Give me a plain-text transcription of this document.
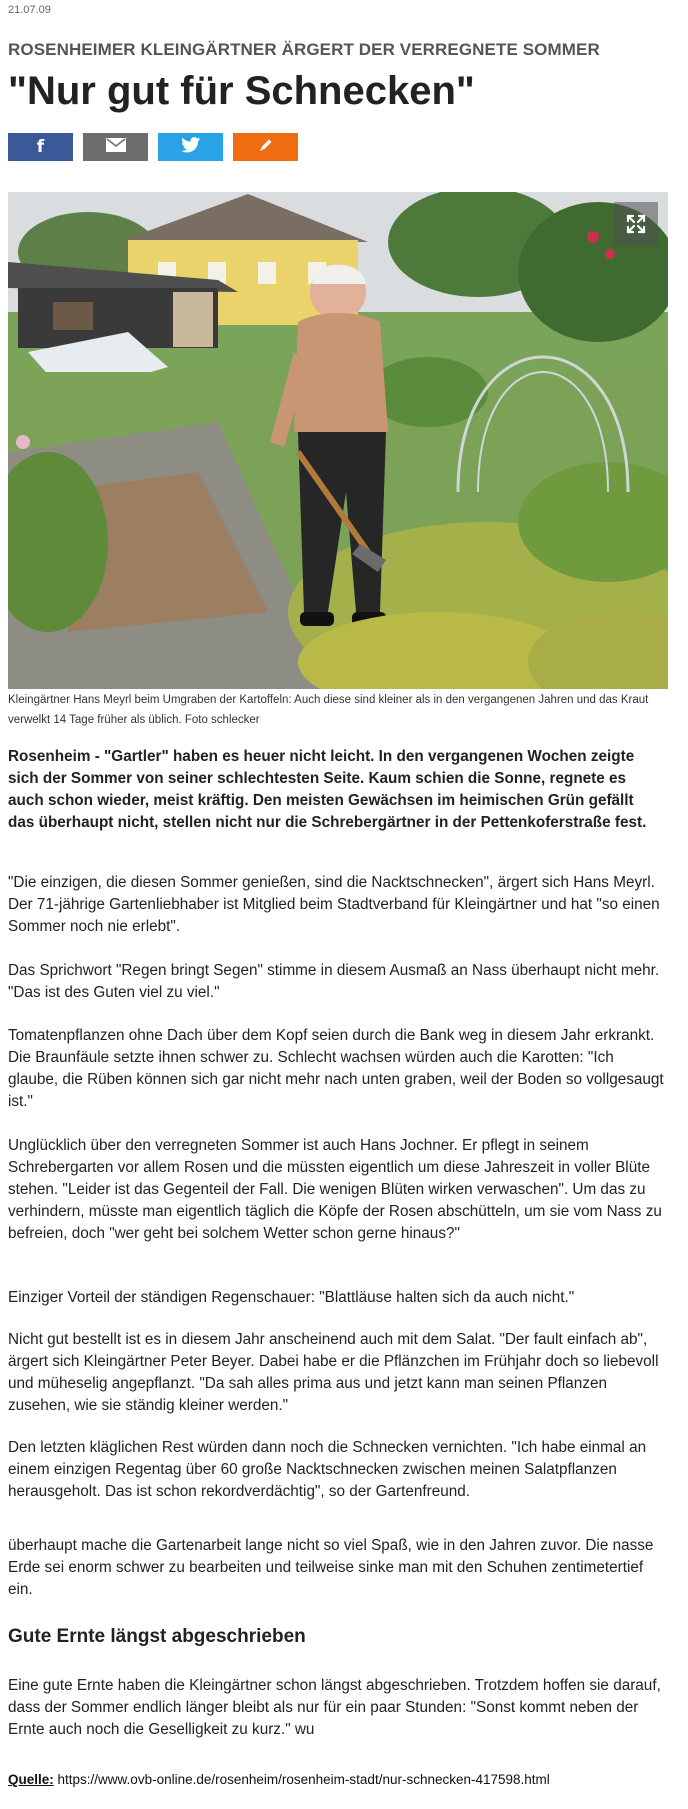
21.07.09
ROSENHEIMER KLEINGÄRTNER ÄRGERT DER VERREGNETE SOMMER
"Nur gut für Schnecken"
f
Kleingärtner Hans Meyrl beim Umgraben der Kartoffeln: Auch diese sind kleiner als in den vergangenen Jahren und das Kraut verwelkt 14 Tage früher als üblich. Foto schlecker

Rosenheim - "Gartler" haben es heuer nicht leicht. In den vergangenen Wochen zeigte sich der Sommer von seiner schlechtesten Seite. Kaum schien die Sonne, regnete es auch schon wieder, meist kräftig. Den meisten Gewächsen im heimischen Grün gefällt das überhaupt nicht, stellen nicht nur die Schrebergärtner in der Pettenkoferstraße fest.

"Die einzigen, die diesen Sommer genießen, sind die Nacktschnecken", ärgert sich Hans Meyrl. Der 71-jährige Gartenliebhaber ist Mitglied beim Stadtverband für Kleingärtner und hat "so einen Sommer noch nie erlebt".

Das Sprichwort "Regen bringt Segen" stimme in diesem Ausmaß an Nass überhaupt nicht mehr. "Das ist des Guten viel zu viel."

Tomatenpflanzen ohne Dach über dem Kopf seien durch die Bank weg in diesem Jahr erkrankt. Die Braunfäule setzte ihnen schwer zu. Schlecht wachsen würden auch die Karotten: "Ich glaube, die Rüben können sich gar nicht mehr nach unten graben, weil der Boden so vollgesaugt ist."

Unglücklich über den verregneten Sommer ist auch Hans Jochner. Er pflegt in seinem Schrebergarten vor allem Rosen und die müssten eigentlich um diese Jahreszeit in voller Blüte stehen. "Leider ist das Gegenteil der Fall. Die wenigen Blüten wirken verwaschen". Um das zu verhindern, müsste man eigentlich täglich die Köpfe der Rosen abschütteln, um sie vom Nass zu befreien, doch "wer geht bei solchem Wetter schon gerne hinaus?"

Einziger Vorteil der ständigen Regenschauer: "Blattläuse halten sich da auch nicht."

Nicht gut bestellt ist es in diesem Jahr anscheinend auch mit dem Salat. "Der fault einfach ab", ärgert sich Kleingärtner Peter Beyer. Dabei habe er die Pflänzchen im Frühjahr doch so liebevoll und müheselig angepflanzt. "Da sah alles prima aus und jetzt kann man seinen Pflanzen zusehen, wie sie ständig kleiner werden."

Den letzten kläglichen Rest würden dann noch die Schnecken vernichten. "Ich habe einmal an einem einzigen Regentag über 60 große Nacktschnecken zwischen meinen Salatpflanzen herausgeholt. Das ist schon rekordverdächtig", so der Gartenfreund.

überhaupt mache die Gartenarbeit lange nicht so viel Spaß, wie in den Jahren zuvor. Die nasse Erde sei enorm schwer zu bearbeiten und teilweise sinke man mit den Schuhen zentimetertief ein.

Gute Ernte längst abgeschrieben

Eine gute Ernte haben die Kleingärtner schon längst abgeschrieben. Trotzdem hoffen sie darauf, dass der Sommer endlich länger bleibt als nur für ein paar Stunden: "Sonst kommt neben der Ernte auch noch die Geselligkeit zu kurz." wu

Quelle: https://www.ovb-online.de/rosenheim/rosenheim-stadt/nur-schnecken-417598.html
